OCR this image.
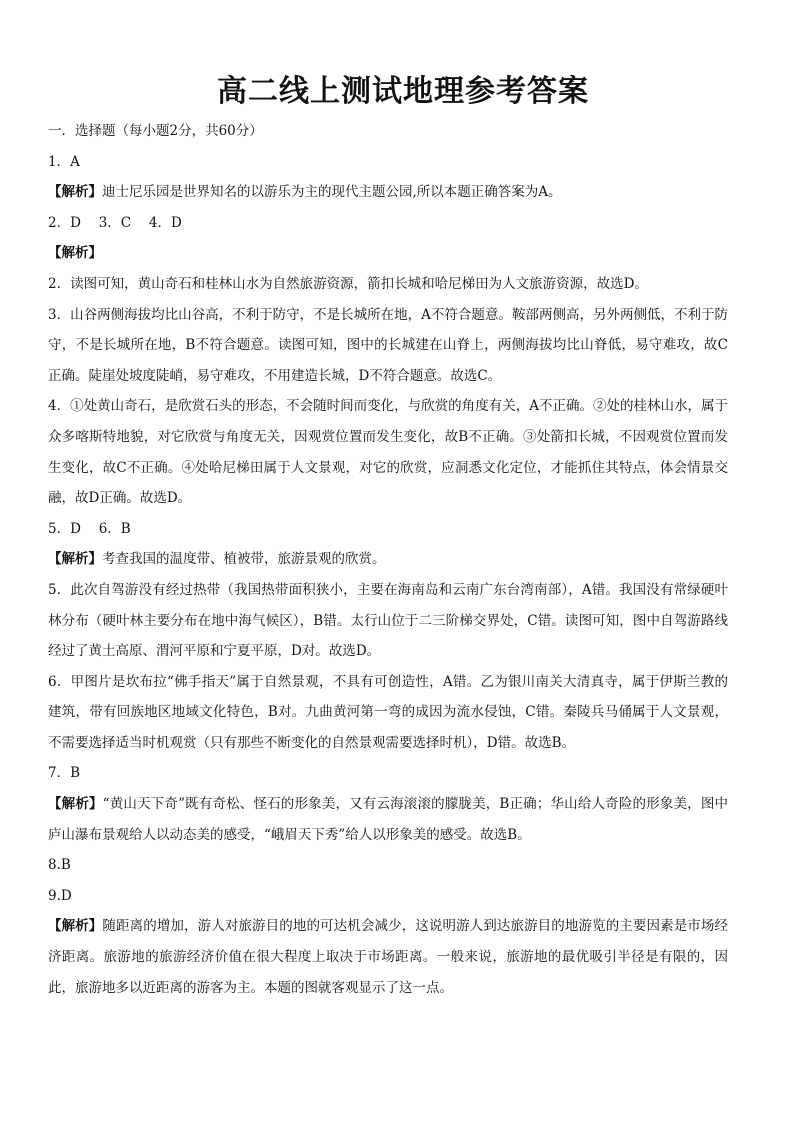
高二线上测试地理参考答案

一．选择题（每小题2分，共60分）

1．A

【解析】迪士尼乐园是世界知名的以游乐为主的现代主题公园,所以本题正确答案为A。

2．D　 3．C　 4．D

【解析】

2．读图可知，黄山奇石和桂林山水为自然旅游资源，箭扣长城和哈尼梯田为人文旅游资源，故选D。

3．山谷两侧海拔均比山谷高，不利于防守，不是长城所在地，A不符合题意。鞍部两侧高，另外两侧低，不利于防守，不是长城所在地，B不符合题意。读图可知，图中的长城建在山脊上，两侧海拔均比山脊低，易守难攻，故C正确。陡崖处坡度陡峭，易守难攻，不用建造长城，D不符合题意。故选C。

4．①处黄山奇石，是欣赏石头的形态，不会随时间而变化，与欣赏的角度有关，A不正确。②处的桂林山水，属于众多喀斯特地貌，对它欣赏与角度无关，因观赏位置而发生变化，故B不正确。③处箭扣长城，不因观赏位置而发生变化，故C不正确。④处哈尼梯田属于人文景观，对它的欣赏，应洞悉文化定位，才能抓住其特点，体会情景交融，故D正确。故选D。

5．D　 6．B

【解析】考查我国的温度带、植被带，旅游景观的欣赏。

5．此次自驾游没有经过热带（我国热带面积狭小，主要在海南岛和云南广东台湾南部），A错。我国没有常绿硬叶林分布（硬叶林主要分布在地中海气候区），B错。太行山位于二三阶梯交界处，C错。读图可知，图中自驾游路线经过了黄土高原、渭河平原和宁夏平原，D对。故选D。

6．甲图片是坎布拉“佛手指天”属于自然景观，不具有可创造性，A错。乙为银川南关大清真寺，属于伊斯兰教的建筑，带有回族地区地域文化特色，B对。九曲黄河第一弯的成因为流水侵蚀，C错。秦陵兵马俑属于人文景观，不需要选择适当时机观赏（只有那些不断变化的自然景观需要选择时机），D错。故选B。

7．B

【解析】“黄山天下奇”既有奇松、怪石的形象美，又有云海滚滚的朦胧美，B正确；华山给人奇险的形象美，图中庐山瀑布景观给人以动态美的感受，“峨眉天下秀”给人以形象美的感受。故选B。

8.B

9.D

【解析】随距离的增加，游人对旅游目的地的可达机会减少，这说明游人到达旅游目的地游览的主要因素是市场经济距离。旅游地的旅游经济价值在很大程度上取决于市场距离。一般来说，旅游地的最优吸引半径是有限的，因此，旅游地多以近距离的游客为主。本题的图就客观显示了这一点。
